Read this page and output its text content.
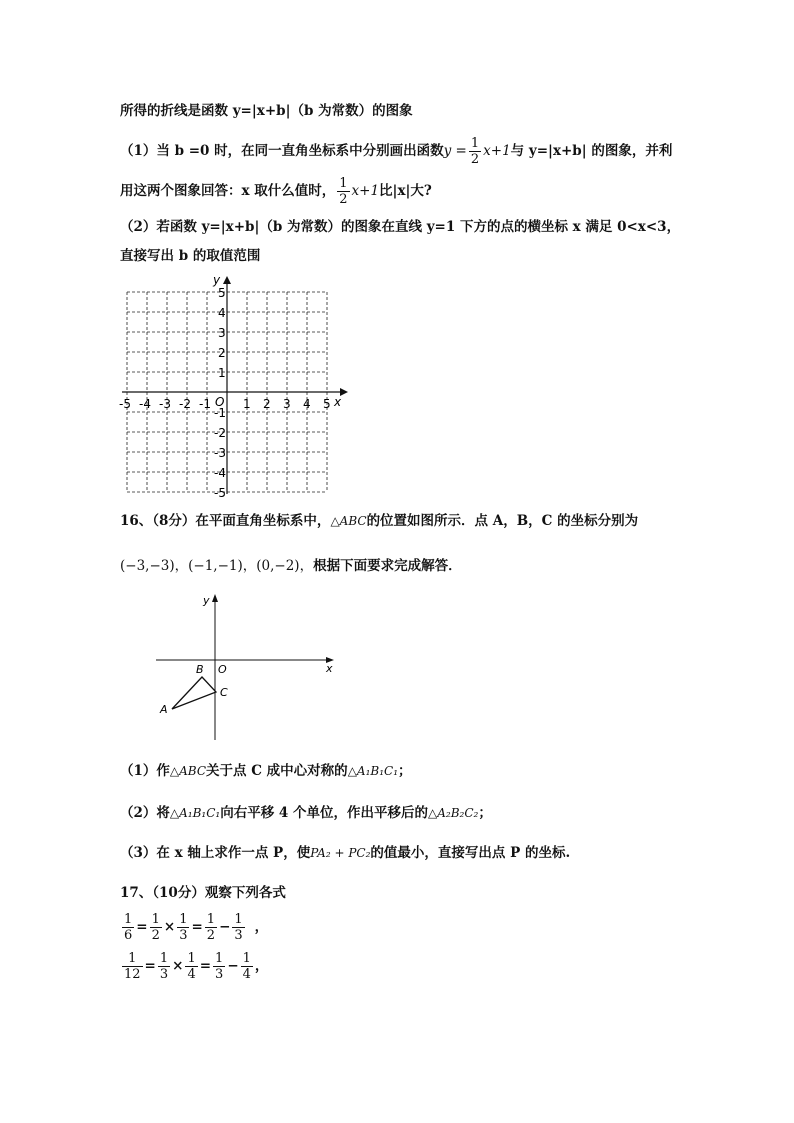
所得的折线是函数 y=|x+b|（b 为常数）的图象
（1）当 b =0 时，在同一直角坐标系中分别画出函数$y = \frac{1}{2} x+1$与 y=|x+b| 的图象，并利
用这两个图象回答：x 取什么值时， $\frac{1}{2} x+1$比|x|大?
（2）若函数 y=|x+b|（b 为常数）的图象在直线 y=1 下方的点的横坐标 x 满足 0<x<3，
直接写出 b 的取值范围
x
y
O
-5 -4 -3 -2 -1	1 2 3 4 5
5
4
3
2
1
-1
-2
-3
-4
-5
16、（8分）在平面直角坐标系中，△ABC的位置如图所示．点 A，B，C 的坐标分别为
(−3,−3)，(−1,−1)，(0,−2)，根据下面要求完成解答．
y
x
O
A
B
C
（1）作△ABC关于点 C 成中心对称的△A₁B₁C₁；
（2）将△A₁B₁C₁向右平移 4 个单位，作出平移后的△A₂B₂C₂；
（3）在 x 轴上求作一点 P，使PA₂ + PC₂的值最小，直接写出点 P 的坐标.
17、（10分）观察下列各式
$\frac{1}{6} = \frac{1}{2} \times \frac{1}{3} = \frac{1}{2} - \frac{1}{3}$ ，
$\frac{1}{12} = \frac{1}{3} \times \frac{1}{4} = \frac{1}{3} - \frac{1}{4}$ ，
